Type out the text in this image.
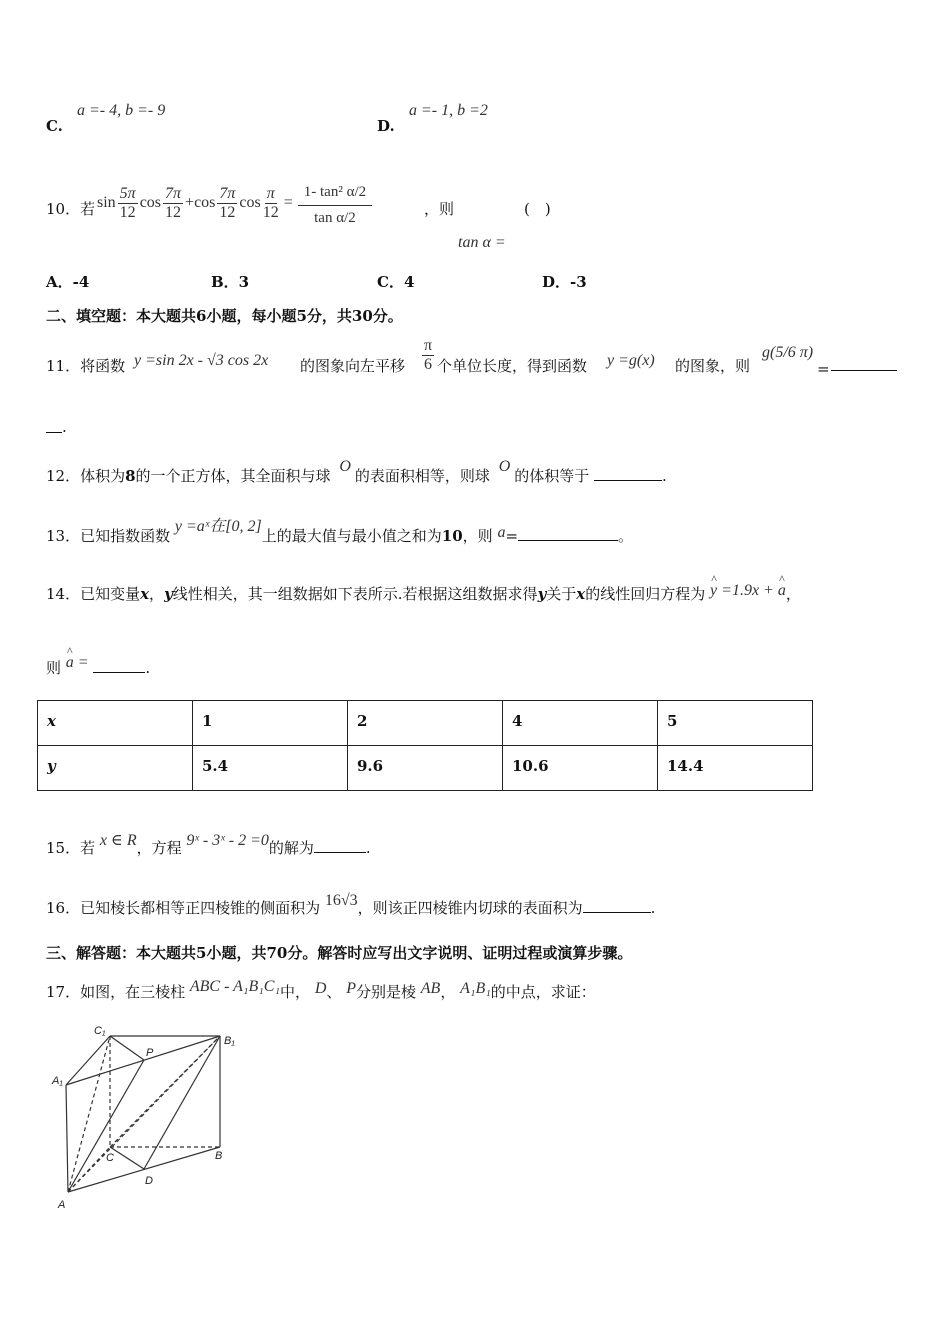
C.
a =- 4, b =- 9
D.
a =- 1, b =2
10．若 $\sin \frac{5\pi}{12}$ $\cos \frac{7\pi}{12} + \cos \frac{7\pi}{12}$ $\cos \frac{\pi}{12} = \frac{\text{1- tan² α/2}}{\text{tan α/2}}$	，则	(　)
tan α =
A．-4	B．3	C．4	D．-3
二、填空题：本大题共6小题，每小题5分，共30分。
11．将函数 y =sin 2x - √3 cos 2x 的图象向左平移 $\frac{\pi}{6}$ 个单位长度，得到函数 y =g(x) 的图象，则
g(5/6 π)
=
.
12．体积为8的一个正方体，其全面积与球 O的表面积相等，则球 O的体积等于	.
13．已知指数函数 y =aˣ在[0, 2]上的最大值与最小值之和为10，则 a=	。
14．已知变量x，y线性相关，其一组数据如下表所示.若根据这组数据求得y关于x的线性回归方程为 ^ y =1.9x + ^ a，
则 ^ a =	.
x	1	2	4	5
y	5.4	9.6	10.6	14.4
15．若 x ∈ R，方程 9ˣ - 3ˣ - 2 =0的解为	.
16．已知棱长都相等正四棱锥的侧面积为 16√3，则该正四棱锥内切球的表面积为	.
三、解答题：本大题共5小题，共70分。解答时应写出文字说明、证明过程或演算步骤。
17．如图，在三棱柱 ABC - A₁B₁C₁中， D、 P分别是棱 AB， A₁B₁的中点，求证：
C₁
B₁
A₁
P
C	B
D
A
